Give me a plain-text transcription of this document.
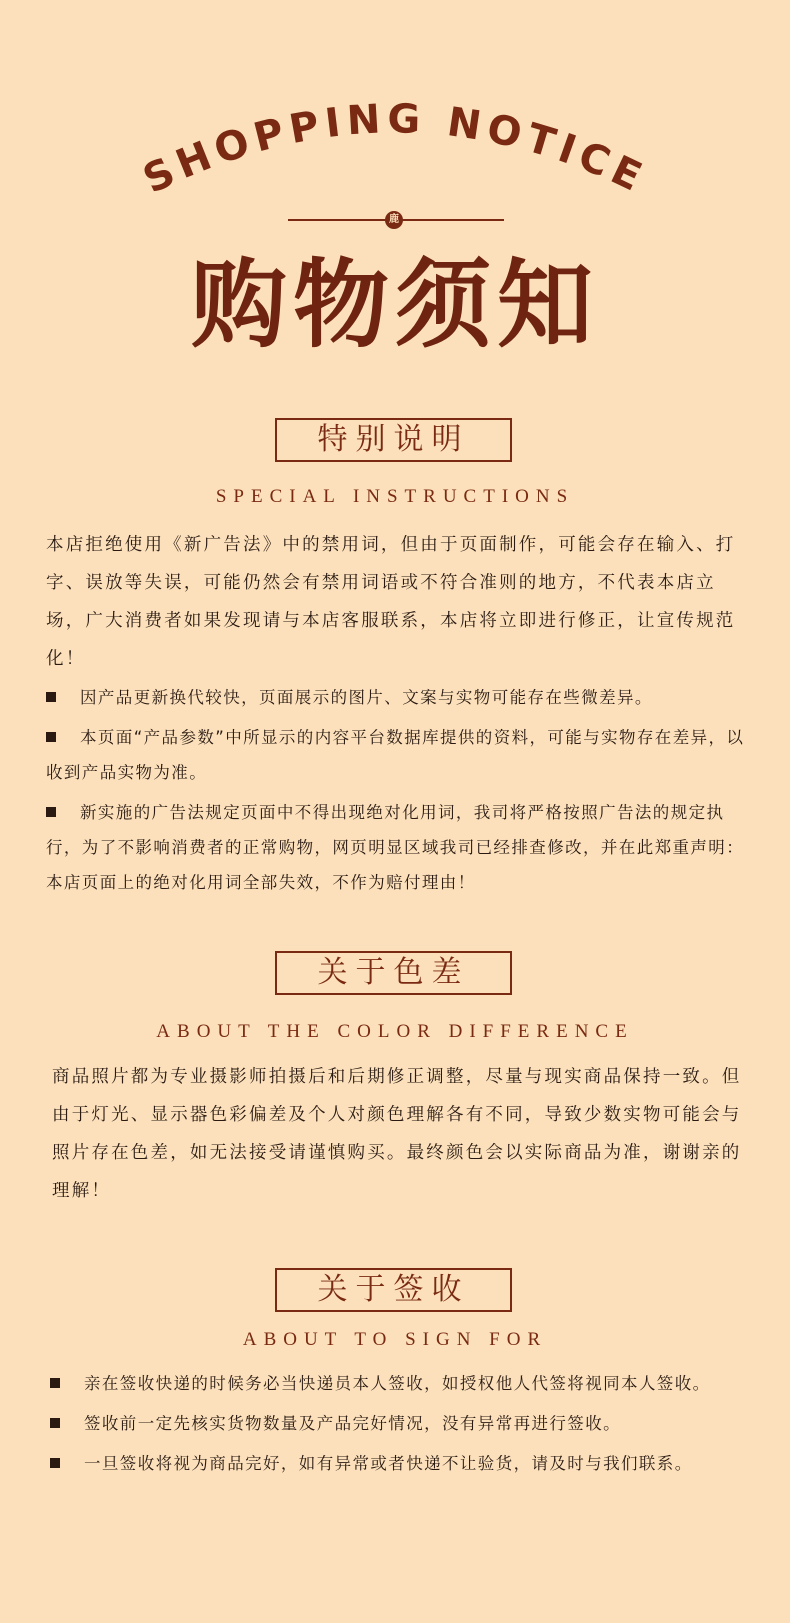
SHOPPING NOTICE
鹿
购物须知
特别说明
SPECIAL INSTRUCTIONS

本店拒绝使用《新广告法》中的禁用词，但由于页面制作，可能会存在输入、打字、误放等失误，可能仍然会有禁用词语或不符合准则的地方，不代表本店立场，广大消费者如果发现请与本店客服联系，本店将立即进行修正，让宣传规范化！

因产品更新换代较快，页面展示的图片、文案与实物可能存在些微差异。
本页面“产品参数”中所显示的内容平台数据库提供的资料，可能与实物存在差异，以收到产品实物为准。
新实施的广告法规定页面中不得出现绝对化用词，我司将严格按照广告法的规定执行，为了不影响消费者的正常购物，网页明显区域我司已经排查修改，并在此郑重声明：本店页面上的绝对化用词全部失效，不作为赔付理由！
关于色差
ABOUT THE COLOR DIFFERENCE

商品照片都为专业摄影师拍摄后和后期修正调整，尽量与现实商品保持一致。但由于灯光、显示器色彩偏差及个人对颜色理解各有不同，导致少数实物可能会与照片存在色差，如无法接受请谨慎购买。最终颜色会以实际商品为准，谢谢亲的理解！

关于签收
ABOUT TO SIGN FOR
亲在签收快递的时候务必当快递员本人签收，如授权他人代签将视同本人签收。
签收前一定先核实货物数量及产品完好情况，没有异常再进行签收。
一旦签收将视为商品完好，如有异常或者快递不让验货，请及时与我们联系。
